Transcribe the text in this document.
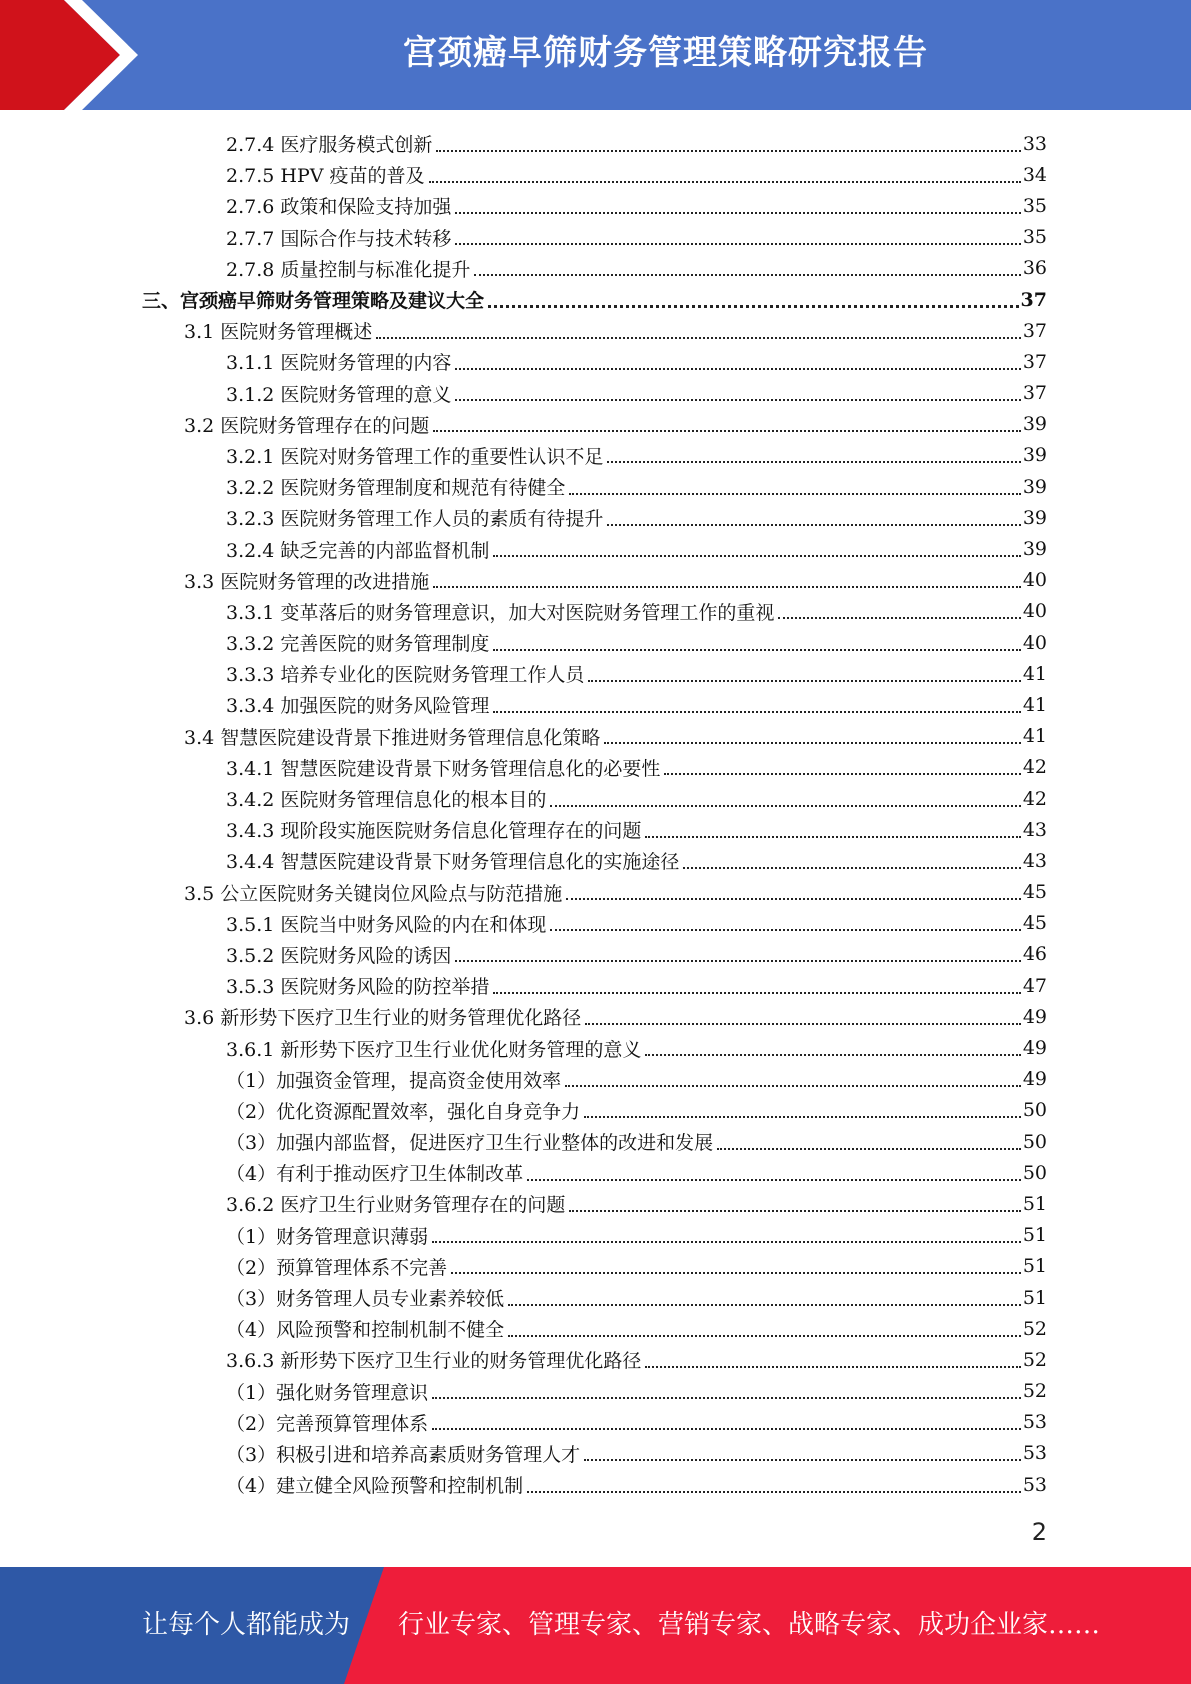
宫颈癌早筛财务管理策略研究报告
2.7.4 医疗服务模式创新	33
2.7.5 HPV 疫苗的普及	34
2.7.6 政策和保险支持加强	35
2.7.7 国际合作与技术转移	35
2.7.8 质量控制与标准化提升	36
三、宫颈癌早筛财务管理策略及建议大全	37
3.1 医院财务管理概述	37
3.1.1 医院财务管理的内容	37
3.1.2 医院财务管理的意义	37
3.2 医院财务管理存在的问题	39
3.2.1 医院对财务管理工作的重要性认识不足	39
3.2.2 医院财务管理制度和规范有待健全	39
3.2.3 医院财务管理工作人员的素质有待提升	39
3.2.4 缺乏完善的内部监督机制	39
3.3 医院财务管理的改进措施	40
3.3.1 变革落后的财务管理意识，加大对医院财务管理工作的重视	40
3.3.2 完善医院的财务管理制度	40
3.3.3 培养专业化的医院财务管理工作人员	41
3.3.4 加强医院的财务风险管理	41
3.4 智慧医院建设背景下推进财务管理信息化策略	41
3.4.1 智慧医院建设背景下财务管理信息化的必要性	42
3.4.2 医院财务管理信息化的根本目的	42
3.4.3 现阶段实施医院财务信息化管理存在的问题	43
3.4.4 智慧医院建设背景下财务管理信息化的实施途径	43
3.5 公立医院财务关键岗位风险点与防范措施	45
3.5.1 医院当中财务风险的内在和体现	45
3.5.2 医院财务风险的诱因	46
3.5.3 医院财务风险的防控举措	47
3.6 新形势下医疗卫生行业的财务管理优化路径	49
3.6.1 新形势下医疗卫生行业优化财务管理的意义	49
（1）加强资金管理，提高资金使用效率	49
（2）优化资源配置效率，强化自身竞争力	50
（3）加强内部监督，促进医疗卫生行业整体的改进和发展	50
（4）有利于推动医疗卫生体制改革	50
3.6.2 医疗卫生行业财务管理存在的问题	51
（1）财务管理意识薄弱	51
（2）预算管理体系不完善	51
（3）财务管理人员专业素养较低	51
（4）风险预警和控制机制不健全	52
3.6.3 新形势下医疗卫生行业的财务管理优化路径	52
（1）强化财务管理意识	52
（2）完善预算管理体系	53
（3）积极引进和培养高素质财务管理人才	53
（4）建立健全风险预警和控制机制	53
2
让每个人都能成为 行业专家、管理专家、营销专家、战略专家、成功企业家……
